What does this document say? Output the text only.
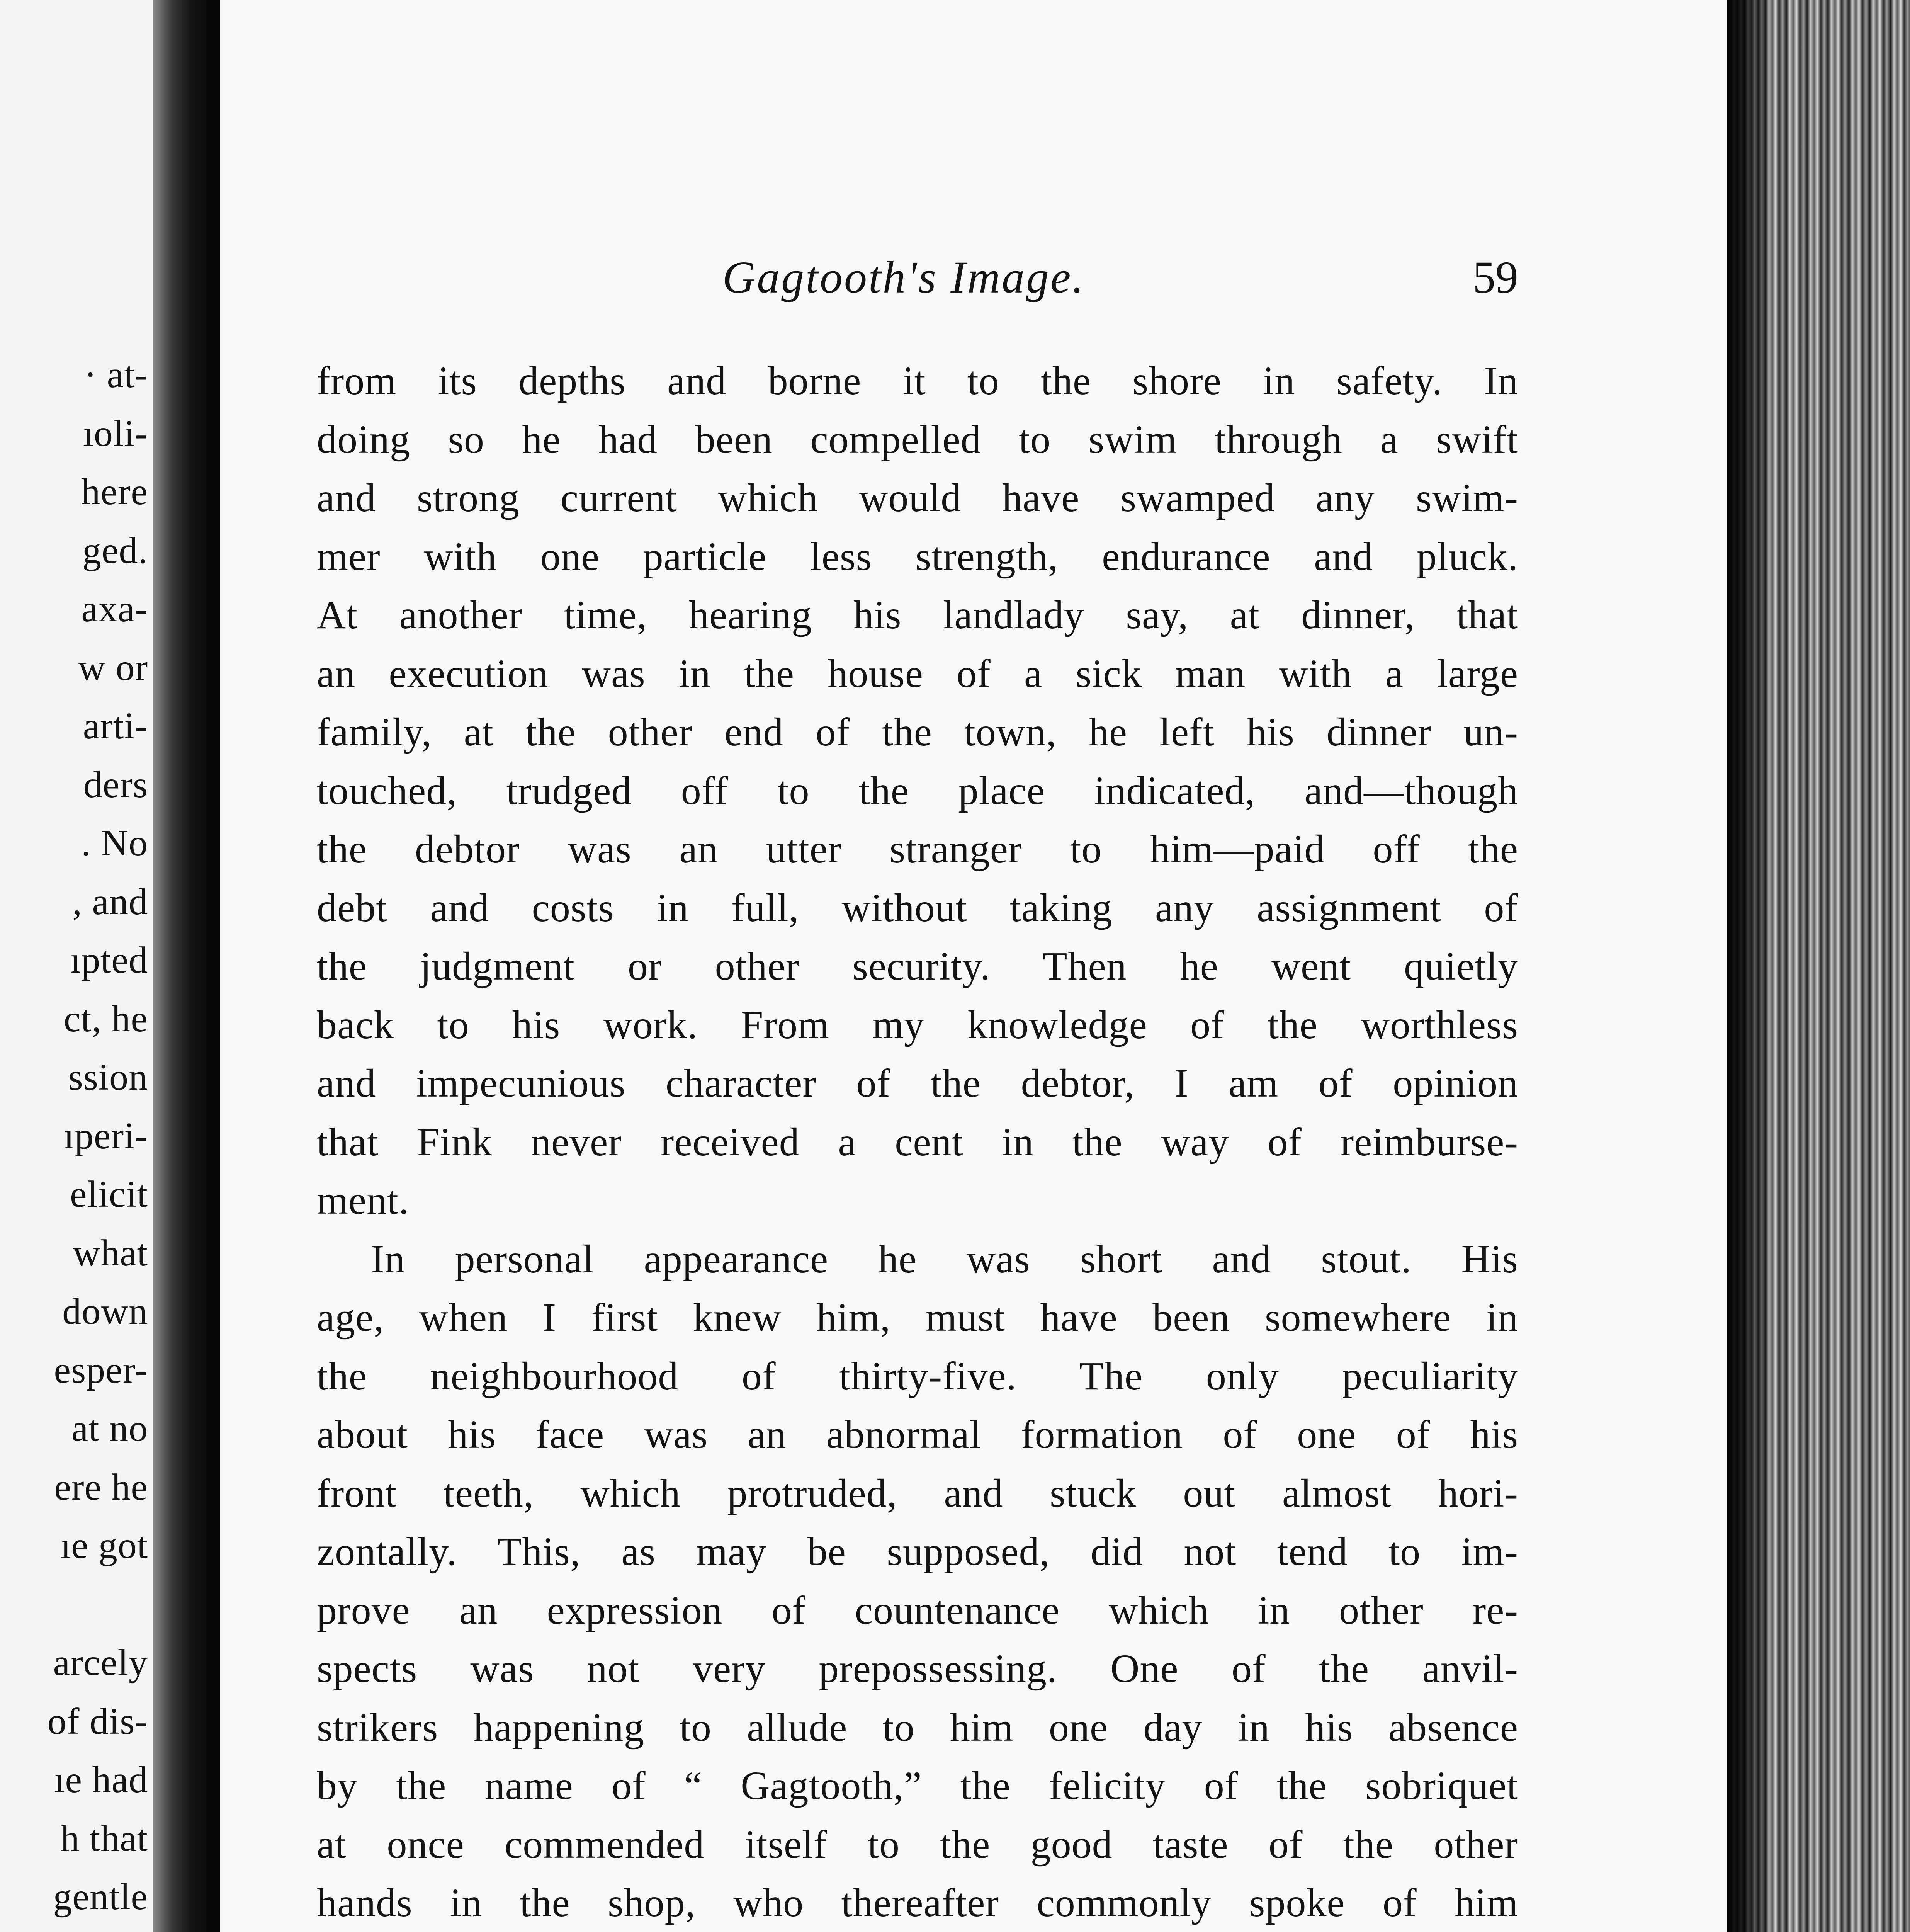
· at-
ıoli-
here
ged.
axa-
w or
arti-
ders
. No
, and
ıpted
ct, he
ssion
ıperi-
elicit
what
down
esper-
at no
ere he
ıe got
arcely
of dis-
ıe had
h that
gentle
Gagtooth's Image.	59
from its depths and borne it to the shore in safety. In
doing so he had been compelled to swim through a swift
and strong current which would have swamped any swim-
mer with one particle less strength, endurance and pluck.
At another time, hearing his landlady say, at dinner, that
an execution was in the house of a sick man with a large
family, at the other end of the town, he left his dinner un-
touched, trudged off to the place indicated, and—though
the debtor was an utter stranger to him—paid off the
debt and costs in full, without taking any assignment of
the judgment or other security. Then he went quietly
back to his work. From my knowledge of the worthless
and impecunious character of the debtor, I am of opinion
that Fink never received a cent in the way of reimburse-
ment.
In personal appearance he was short and stout. His
age, when I first knew him, must have been somewhere in
the neighbourhood of thirty-five. The only peculiarity
about his face was an abnormal formation of one of his
front teeth, which protruded, and stuck out almost hori-
zontally. This, as may be supposed, did not tend to im-
prove an expression of countenance which in other re-
spects was not very prepossessing. One of the anvil-
strikers happening to allude to him one day in his absence
by the name of “ Gagtooth,” the felicity of the sobriquet
at once commended itself to the good taste of the other
hands in the shop, who thereafter commonly spoke of him
